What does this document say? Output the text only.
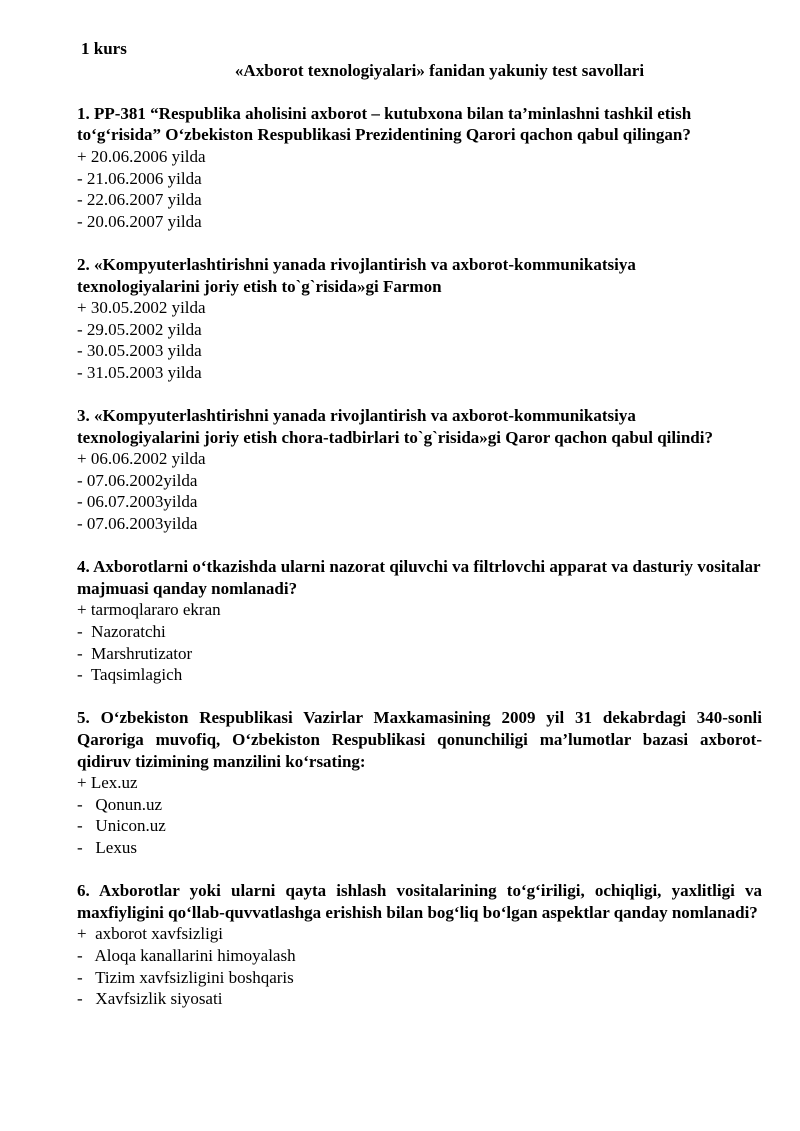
1 kurs
«Axborot texnologiyalari» fanidan yakuniy test savollari
1. PP-381 “Respublika aholisini axborot – kutubxona bilan ta’minlashni tashkil etish to‘g‘risida” O‘zbekiston Respublikasi Prezidentining Qarori qachon qabul qilingan?
+ 20.06.2006 yilda
- 21.06.2006 yilda
- 22.06.2007 yilda
- 20.06.2007 yilda
2. «Kompyuterlashtirishni yanada rivojlantirish va axborot-kommunikatsiya texnologiyalarini joriy etish to`g`risida»gi Farmon
+ 30.05.2002 yilda
- 29.05.2002 yilda
- 30.05.2003 yilda
- 31.05.2003 yilda
3. «Kompyuterlashtirishni yanada rivojlantirish va axborot-kommunikatsiya texnologiyalarini joriy etish chora-tadbirlari to`g`risida»gi Qaror qachon qabul qilindi?
+ 06.06.2002 yilda
- 07.06.2002yilda
- 06.07.2003yilda
- 07.06.2003yilda
4. Axborotlarni o‘tkazishda ularni nazorat qiluvchi va filtrlovchi apparat va dasturiy vositalar majmuasi qanday nomlanadi?
+ tarmoqlararo ekran
-  Nazoratchi
-  Marshrutizator
-  Taqsimlagich
5. O‘zbekiston Respublikasi Vazirlar Maxkamasining 2009 yil 31 dekabrdagi 340-sonli Qaroriga muvofiq, O‘zbekiston Respublikasi qonunchiligi ma’lumotlar bazasi axborot- qidiruv tizimining manzilini ko‘rsating:
+ Lex.uz
-   Qonun.uz
-   Unicon.uz
-   Lexus
6. Axborotlar yoki ularni qayta ishlash vositalarining to‘g‘iriligi, ochiqligi, yaxlitligi va maxfiyligini qo‘llab-quvvatlashga erishish bilan bog‘liq bo‘lgan aspektlar qanday nomlanadi?
+  axborot xavfsizligi
-   Aloqa kanallarini himoyalash
-   Tizim xavfsizligini boshqaris
-   Xavfsizlik siyosati
